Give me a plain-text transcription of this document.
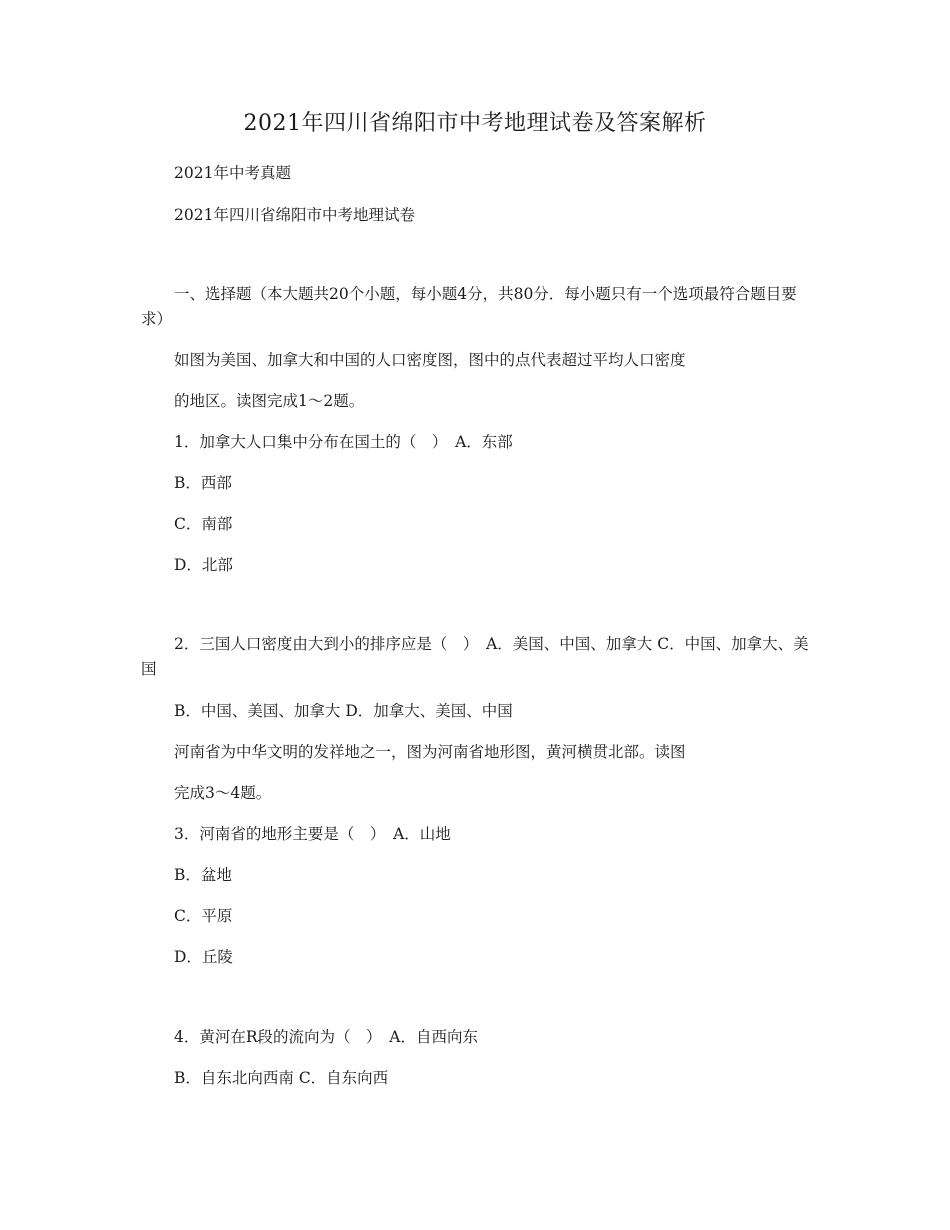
2021年四川省绵阳市中考地理试卷及答案解析
2021年中考真题
2021年四川省绵阳市中考地理试卷
一、选择题（本大题共20个小题，每小题4分，共80分．每小题只有一个选项最符合题目要求）
如图为美国、加拿大和中国的人口密度图，图中的点代表超过平均人口密度
的地区。读图完成1～2题。
1．加拿大人口集中分布在国土的（　）　A．东部
B．西部
C．南部
D．北部
2．三国人口密度由大到小的排序应是（　）　A．美国、中国、加拿大 C．中国、加拿大、美国
B．中国、美国、加拿大 D．加拿大、美国、中国
河南省为中华文明的发祥地之一，图为河南省地形图，黄河横贯北部。读图
完成3～4题。
3．河南省的地形主要是（　）　A．山地
B．盆地
C．平原
D．丘陵
4．黄河在R段的流向为（　）　A．自西向东
B．自东北向西南 C．自东向西
